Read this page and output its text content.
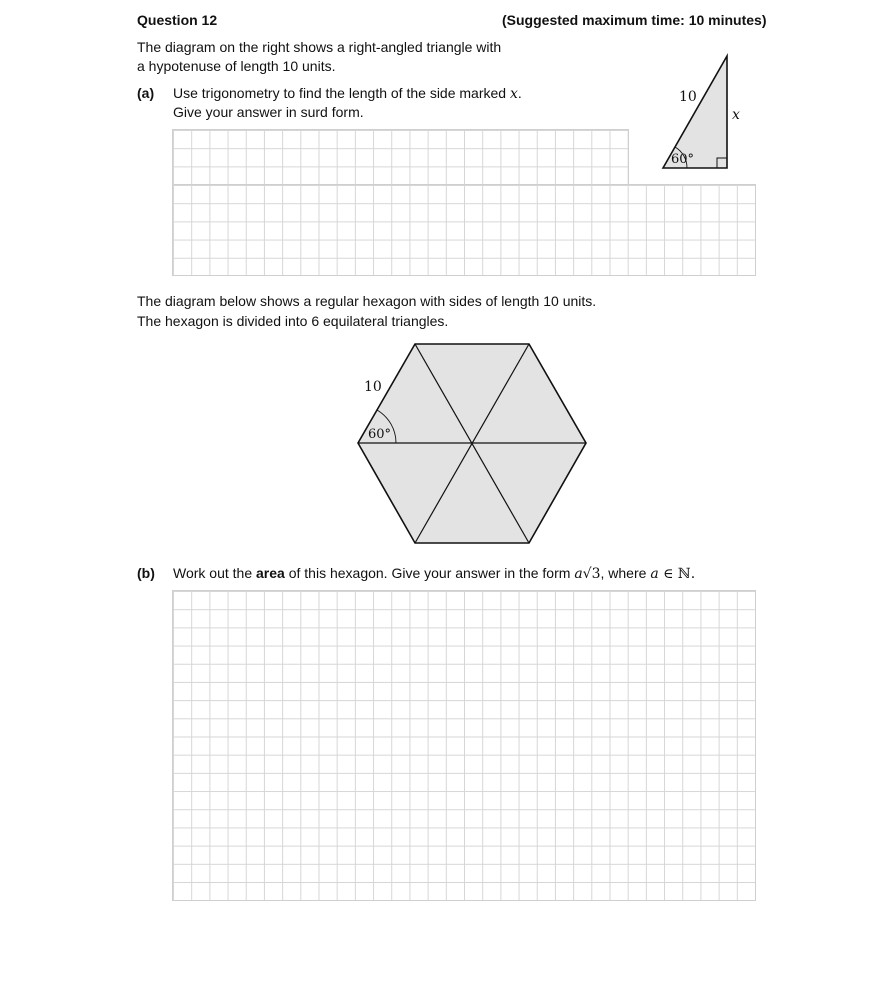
Question 12	(Suggested maximum time: 10 minutes)
The diagram on the right shows a right-angled triangle with
a hypotenuse of length 10 units.
(a) Use trigonometry to find the length of the side marked x.
Give your answer in surd form.
10
x
60°
The diagram below shows a regular hexagon with sides of length 10 units.
The hexagon is divided into 6 equilateral triangles.
10
60°
(b) Work out the area of this hexagon. Give your answer in the form a√3, where a ∈ ℕ.
